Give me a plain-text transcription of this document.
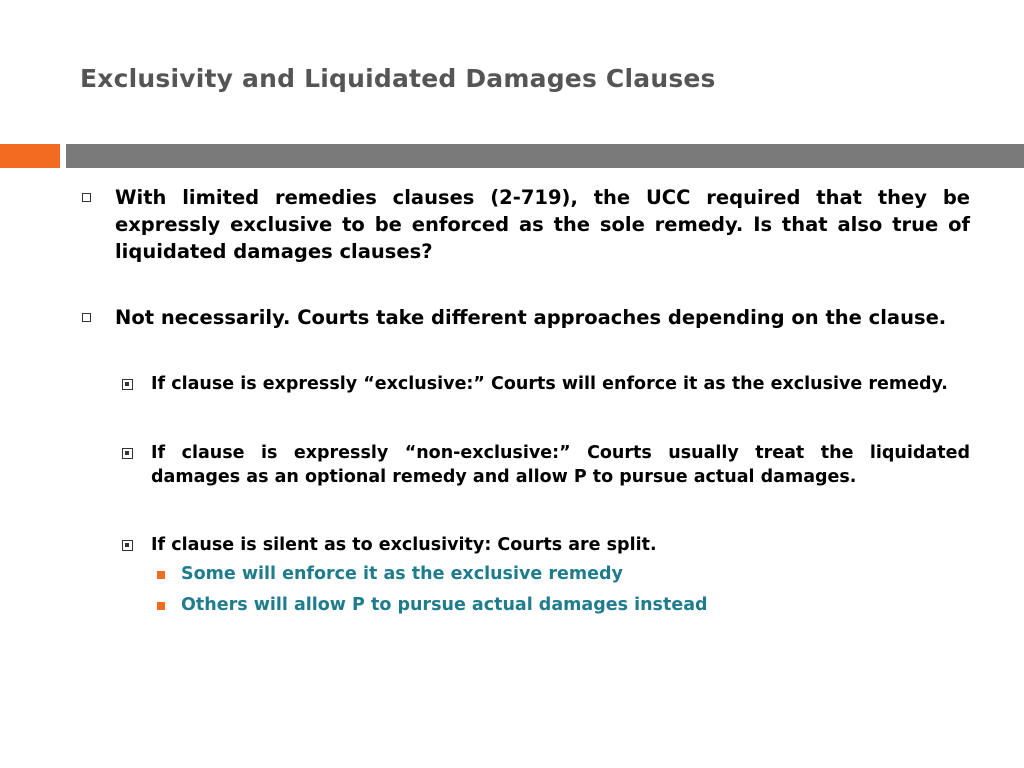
Exclusivity and Liquidated Damages Clauses
With limited remedies clauses (2-719), the UCC required that they be expressly exclusive to be enforced as the sole remedy. Is that also true of liquidated damages clauses?
Not necessarily. Courts take different approaches depending on the clause.
If clause is expressly “exclusive:” Courts will enforce it as the exclusive remedy.
If clause is expressly “non-exclusive:” Courts usually treat the liquidated damages as an optional remedy and allow P to pursue actual damages.
If clause is silent as to exclusivity: Courts are split.
Some will enforce it as the exclusive remedy
Others will allow P to pursue actual damages instead
